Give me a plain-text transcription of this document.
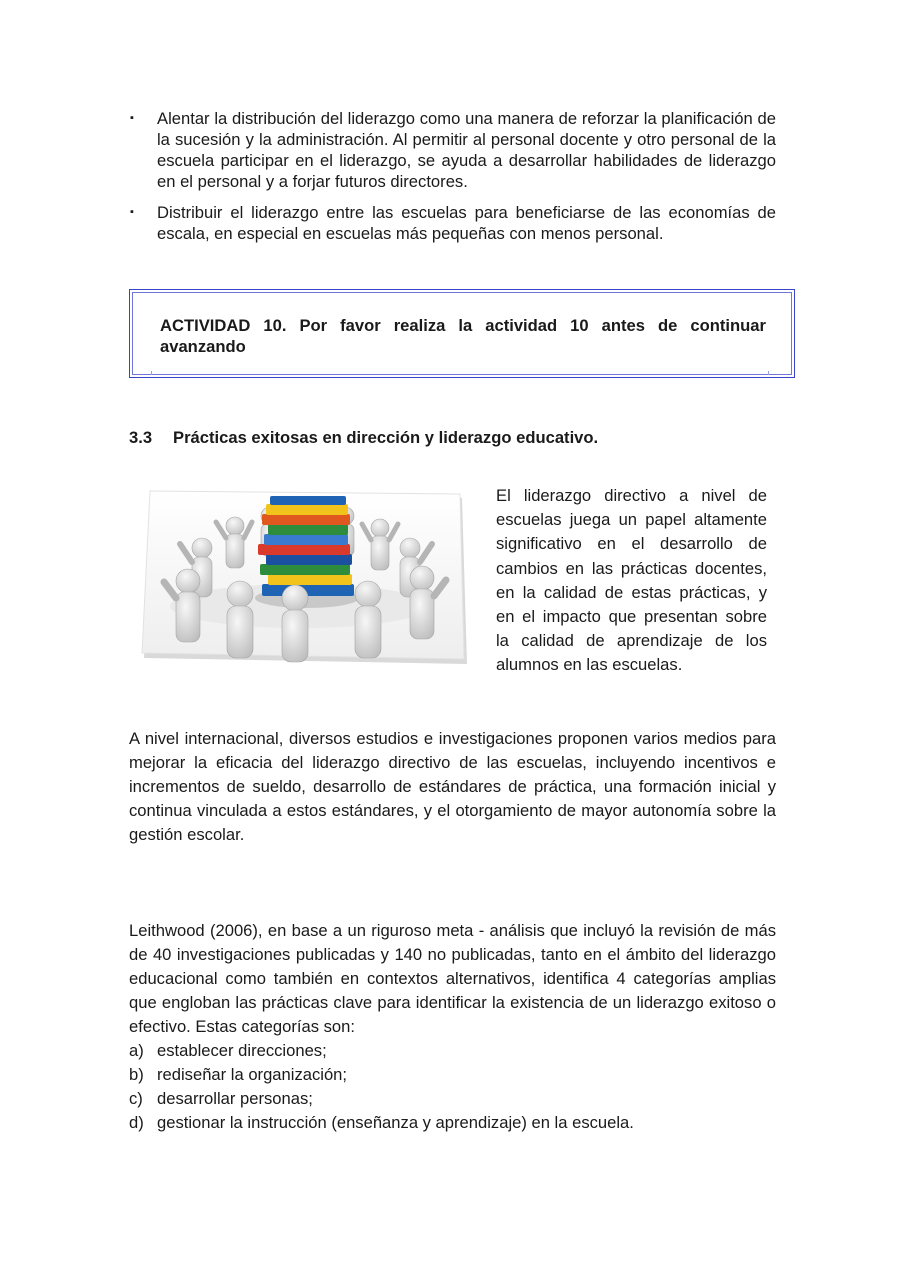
▪	Alentar la distribución del liderazgo como una manera de reforzar la planificación de la sucesión y la administración. Al permitir al personal docente y otro personal de la escuela participar en el liderazgo, se ayuda a desarrollar habilidades de liderazgo en el personal y a forjar futuros directores.
▪	Distribuir el liderazgo entre las escuelas para beneficiarse de las economías de escala, en especial en escuelas más pequeñas con menos personal.
ACTIVIDAD 10. Por favor realiza la actividad 10 antes de continuar avanzando
3.3 Prácticas exitosas en dirección y liderazgo educativo.
El liderazgo directivo a nivel de escuelas juega un papel altamente significativo en el desarrollo de cambios en las prácticas docentes, en la calidad de estas prácticas, y en el impacto que presentan sobre la calidad de aprendizaje de los alumnos en las escuelas.
A nivel internacional, diversos estudios e investigaciones proponen varios medios para mejorar la eficacia del liderazgo directivo de las escuelas, incluyendo incentivos e incrementos de sueldo, desarrollo de estándares de práctica, una formación inicial y continua vinculada a estos estándares, y el otorgamiento de mayor autonomía sobre la gestión escolar.
Leithwood (2006), en base a un riguroso meta - análisis que incluyó la revisión de más de 40 investigaciones publicadas y 140 no publicadas, tanto en el ámbito del liderazgo educacional como también en contextos alternativos, identifica 4 categorías amplias que engloban las prácticas clave para identificar la existencia de un liderazgo exitoso o efectivo. Estas categorías son:
a) establecer direcciones;
b) rediseñar la organización;
c) desarrollar personas;
d) gestionar la instrucción (enseñanza y aprendizaje) en la escuela.
